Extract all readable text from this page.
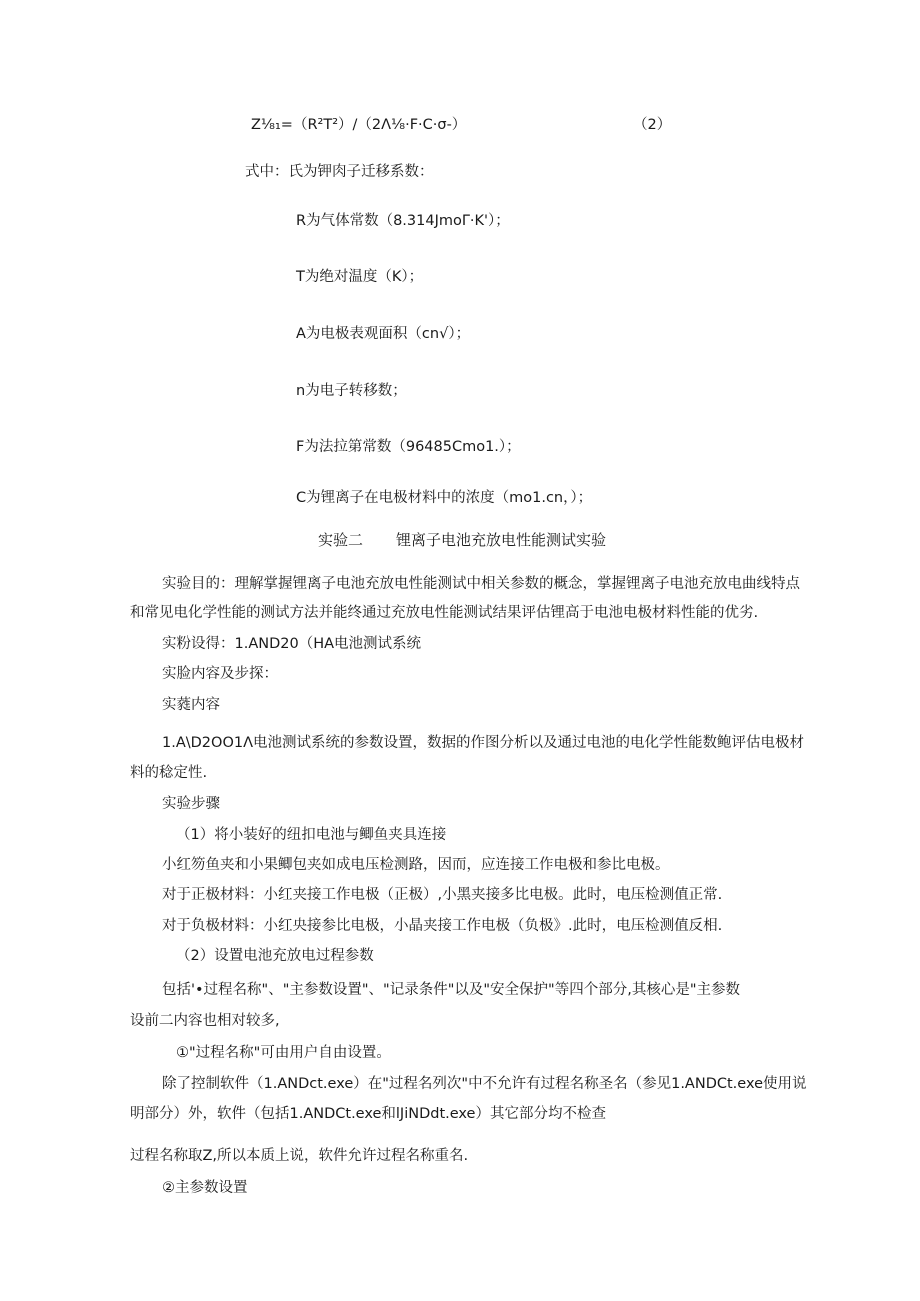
Z⅛₁=（R²T²）/（2Λ⅛·F·C·σ-）	（2）
式中：氏为钾肉子迁移系数：
R为气体常数（8.314JmoΓ·K'）；
T为绝对温度（K）；
A为电极表观面积（cn√）；
n为电子转移数；
F为法拉第常数（96485Cmo1.）；
C为锂离子在电极材料中的浓度（mo1.cn，）；
实验二 锂离子电池充放电性能测试实验
实验目的：理解掌握锂离子电池充放电性能测试中相关参数的概念，掌握锂离子电池充放电曲线特点
和常见电化学性能的测试方法并能终通过充放电性能测试结果评估锂高于电池电极材料性能的优劣.
实粉设得：1.AND20（HA电池测试系统
实脸内容及步探：
实蕤内容
1.A\D2OO1Λ电池测试系统的参数设置，数据的作图分析以及通过电池的电化学性能数鲍评估电极材
料的稔定性.
实验步骤
（1）将小装好的纽扣电池与鲫鱼夹具连接
小红笏鱼夹和小果鲫包夹如成电压检测路，因而，应连接工作电极和参比电极。
对于正极材料：小红夹接工作电极（正极）,小黑夹接多比电极。此时，电压检测值正常.
对于负极材料：小红央接参比电极，小晶夹接工作电极（负极》.此时，电压检测值反相.
（2）设置电池充放电过程参数
包括'•过程名称"、"主参数设置"、"记录条件"以及"安全保护"等四个部分,其核心是"主参数
设前二内容也相对较多,
①"过程名称"可由用户自由设置。
除了控制软件（1.ANDct.exe）在"过程名列次"中不允许有过程名称圣名（参见1.ANDCt.exe使用说
明部分）外，软件（包括1.ANDCt.exe和lJiNDdt.exe）其它部分均不检查
过程名称取Z,所以本质上说，软件允许过程名称重名.
②主参数设置
